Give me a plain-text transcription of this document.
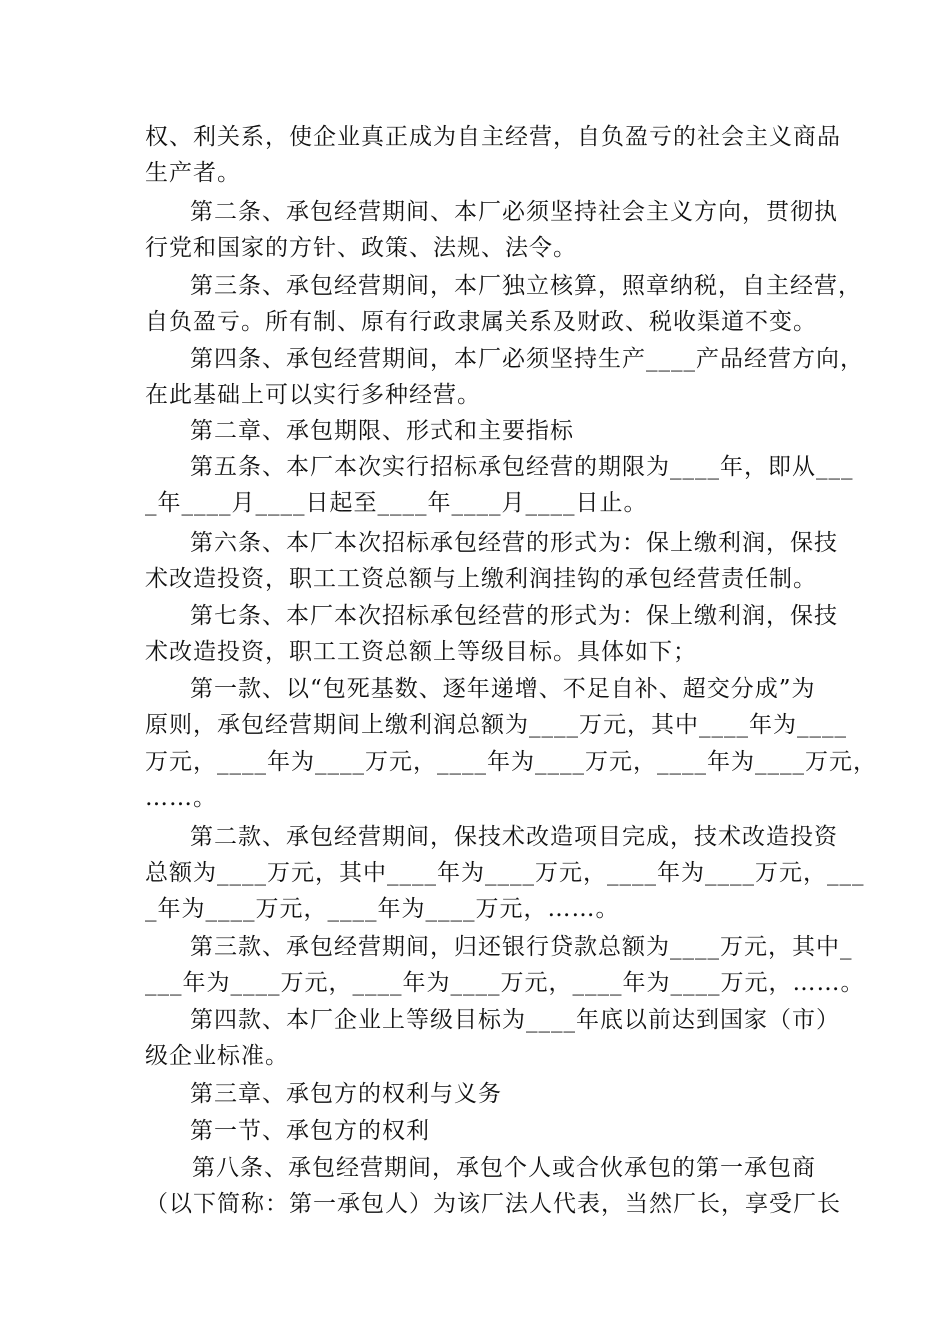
权、利关系，使企业真正成为自主经营，自负盈亏的社会主义商品
生产者。
第二条、承包经营期间、本厂必须坚持社会主义方向，贯彻执
行党和国家的方针、政策、法规、法令。
第三条、承包经营期间，本厂独立核算，照章纳税，自主经营，
自负盈亏。所有制、原有行政隶属关系及财政、税收渠道不变。
第四条、承包经营期间，本厂必须坚持生产____产品经营方向，
在此基础上可以实行多种经营。
第二章、承包期限、形式和主要指标
第五条、本厂本次实行招标承包经营的期限为____年，即从___
_年____月____日起至____年____月____日止。
第六条、本厂本次招标承包经营的形式为：保上缴利润，保技
术改造投资，职工工资总额与上缴利润挂钩的承包经营责任制。
第七条、本厂本次招标承包经营的形式为：保上缴利润，保技
术改造投资，职工工资总额上等级目标。具体如下；
第一款、以“包死基数、逐年递增、不足自补、超交分成”为
原则，承包经营期间上缴利润总额为____万元，其中____年为____
万元，____年为____万元，____年为____万元，____年为____万元，
……。
第二款、承包经营期间，保技术改造项目完成，技术改造投资
总额为____万元，其中____年为____万元，____年为____万元，___
_年为____万元，____年为____万元，……。
第三款、承包经营期间，归还银行贷款总额为____万元，其中_
___年为____万元，____年为____万元，____年为____万元，……。
第四款、本厂企业上等级目标为____年底以前达到国家（市）
级企业标准。
第三章、承包方的权利与义务
第一节、承包方的权利
第八条、承包经营期间，承包个人或合伙承包的第一承包商
（以下简称：第一承包人）为该厂法人代表，当然厂长，享受厂长
